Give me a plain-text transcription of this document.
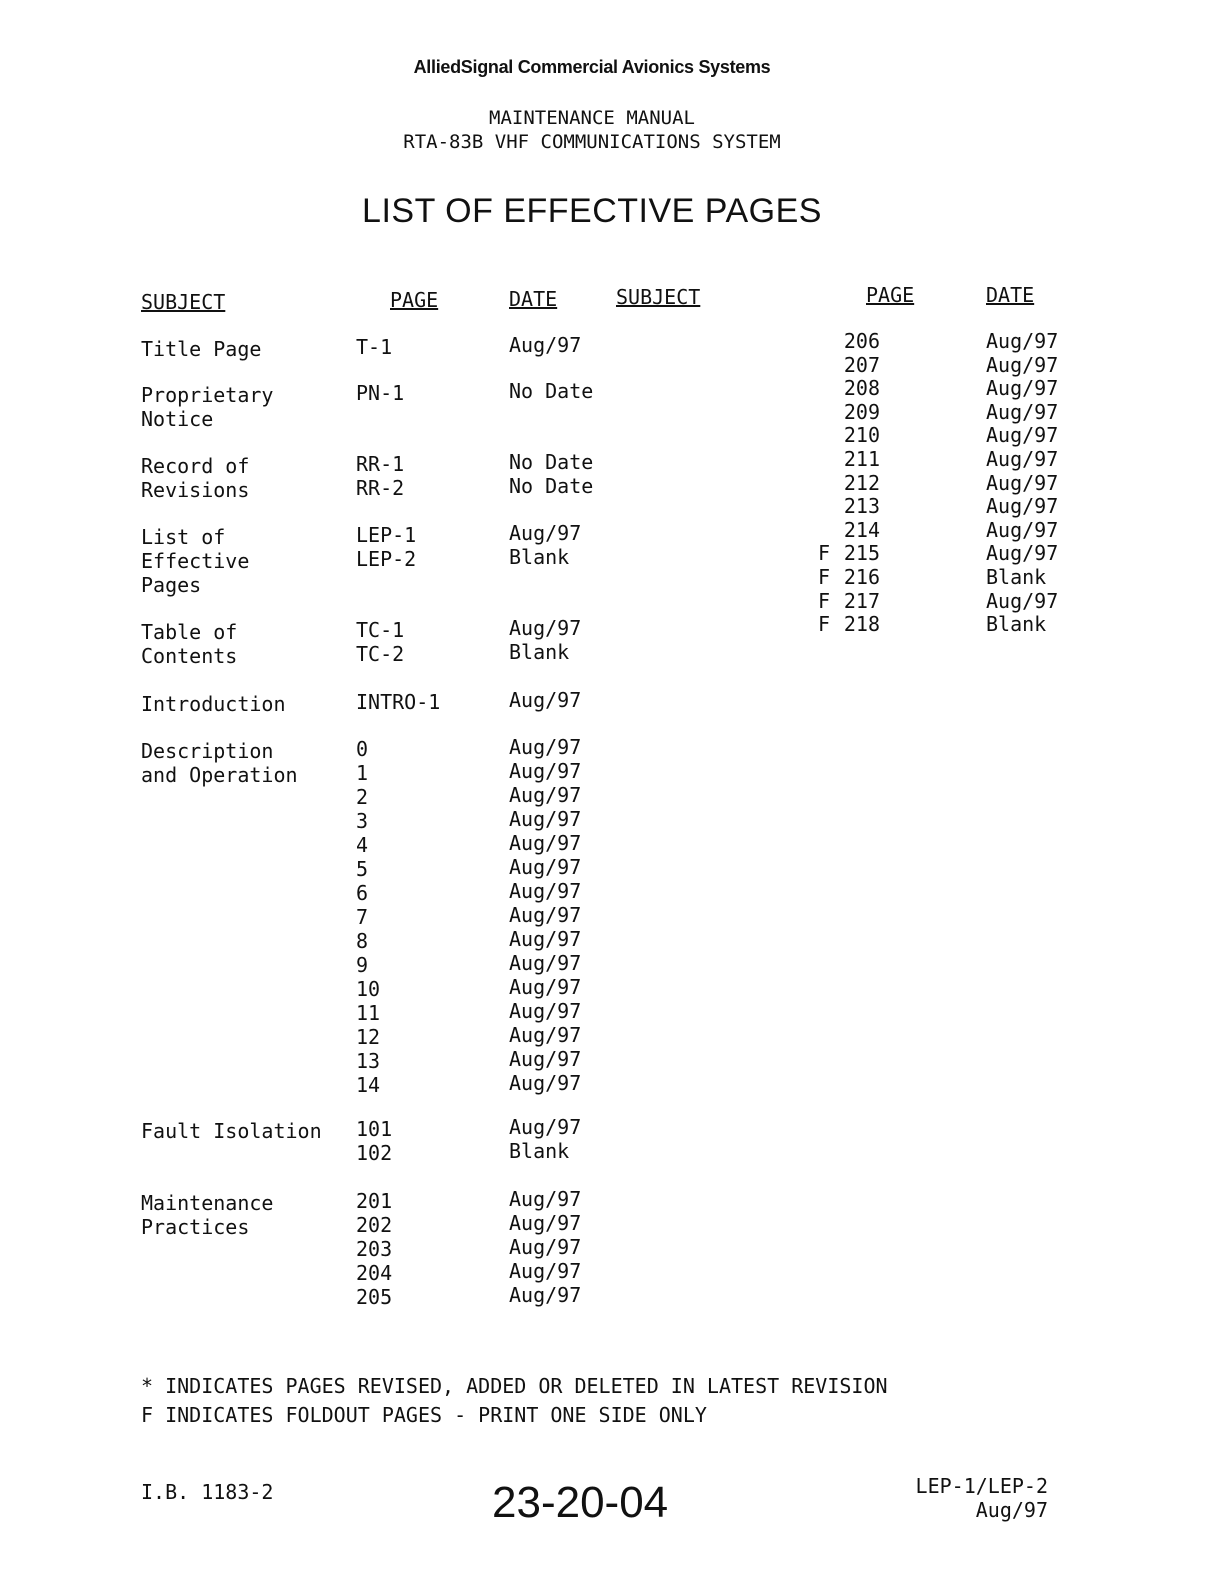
AlliedSignal Commercial Avionics Systems
MAINTENANCE MANUAL
RTA-83B VHF COMMUNICATIONS SYSTEM
LIST OF EFFECTIVE PAGES
SUBJECT	PAGE	DATE	SUBJECT	PAGE	DATE
Title Page	T-1	Aug/97
Proprietary
Notice
PN-1	No Date
Record of
Revisions
RR-1	No Date
RR-2	No Date
List of
Effective
Pages
LEP-1	Aug/97
LEP-2	Blank
Table of
Contents
TC-1	Aug/97
TC-2	Blank
Introduction	INTRO-1	Aug/97
Description
and Operation
0	Aug/97
1	Aug/97
2	Aug/97
3	Aug/97
4	Aug/97
5	Aug/97
6	Aug/97
7	Aug/97
8	Aug/97
9	Aug/97
10	Aug/97
11	Aug/97
12	Aug/97
13	Aug/97
14	Aug/97
Fault Isolation 101	Aug/97
102	Blank
Maintenance
Practices
201	Aug/97
202	Aug/97
203	Aug/97
204	Aug/97
205	Aug/97
206	Aug/97
207	Aug/97
208	Aug/97
209	Aug/97
210	Aug/97
211	Aug/97
212	Aug/97
213	Aug/97
214	Aug/97
F 215	Aug/97
F 216	Blank
F 217	Aug/97
F 218	Blank
* INDICATES PAGES REVISED, ADDED OR DELETED IN LATEST REVISION
F INDICATES FOLDOUT PAGES - PRINT ONE SIDE ONLY
I.B. 1183-2	23-20-04	LEP-1/LEP-2
Aug/97
